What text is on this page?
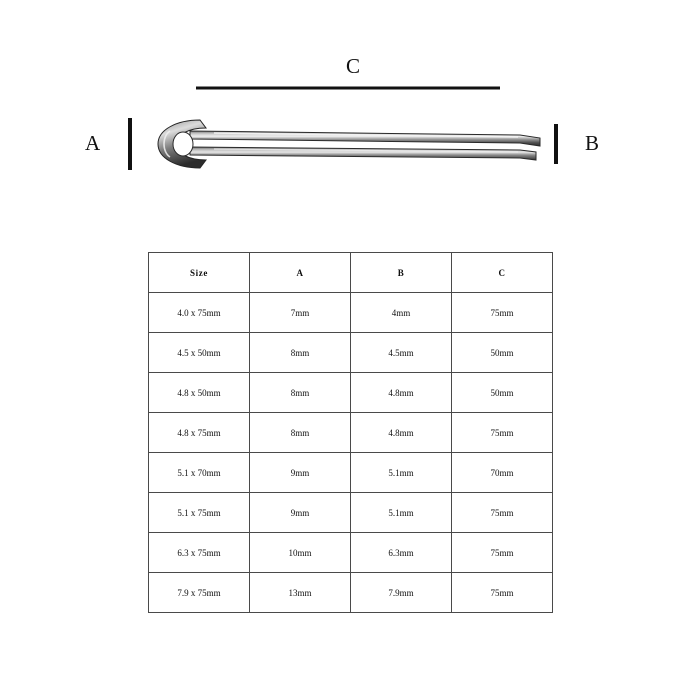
C
A	B
Size	A	B	C
4.0 x 75mm	7mm	4mm	75mm
4.5 x 50mm	8mm	4.5mm	50mm
4.8 x 50mm	8mm	4.8mm	50mm
4.8 x 75mm	8mm	4.8mm	75mm
5.1 x 70mm	9mm	5.1mm	70mm
5.1 x 75mm	9mm	5.1mm	75mm
6.3 x 75mm	10mm	6.3mm	75mm
7.9 x 75mm	13mm	7.9mm	75mm
